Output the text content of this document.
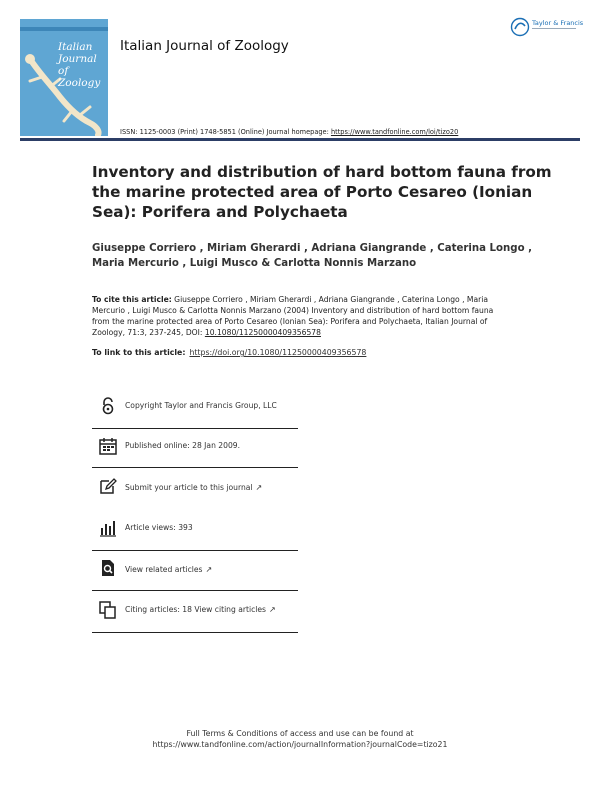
Italian Journal of Zoology
Italian Journal of Zoology
Taylor & Francis
ISSN: 1125-0003 (Print) 1748-5851 (Online) Journal homepage: https://www.tandfonline.com/loi/tizo20
Inventory and distribution of hard bottom fauna from the marine protected area of Porto Cesareo (Ionian Sea): Porifera and Polychaeta
Giuseppe Corriero , Miriam Gherardi , Adriana Giangrande , Caterina Longo , Maria Mercurio , Luigi Musco & Carlotta Nonnis Marzano
To cite this article: Giuseppe Corriero , Miriam Gherardi , Adriana Giangrande , Caterina Longo , Maria Mercurio , Luigi Musco & Carlotta Nonnis Marzano (2004) Inventory and distribution of hard bottom fauna from the marine protected area of Porto Cesareo (Ionian Sea): Porifera and Polychaeta, Italian Journal of Zoology, 71:3, 237-245, DOI: 10.1080/11250000409356578
To link to this article: https://doi.org/10.1080/11250000409356578
Copyright Taylor and Francis Group, LLC
Published online: 28 Jan 2009.
Submit your article to this journal ↗
Article views: 393
View related articles ↗
Citing articles: 18 View citing articles ↗
Full Terms & Conditions of access and use can be found at
https://www.tandfonline.com/action/journalInformation?journalCode=tizo21
